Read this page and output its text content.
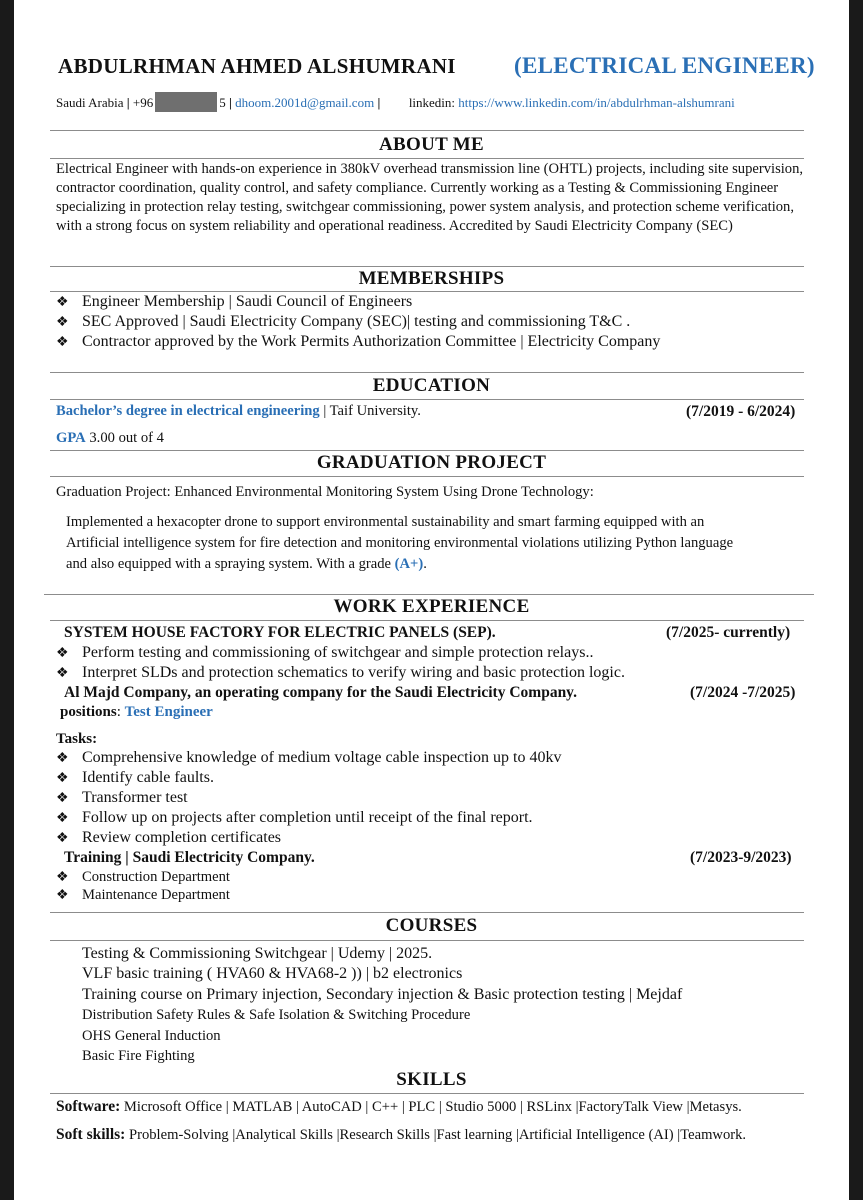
ABDULRHMAN AHMED ALSHUMRANI	(ELECTRICAL ENGINEER)
Saudi Arabia | +96	5 | dhoom.2001d@gmail.com | linkedin: https://www.linkedin.com/in/abdulrhman-alshumrani
ABOUT ME
Electrical Engineer with hands-on experience in 380kV overhead transmission line (OHTL) projects, including site supervision, contractor coordination, quality control, and safety compliance. Currently working as a Testing & Commissioning Engineer specializing in protection relay testing, switchgear commissioning, power system analysis, and protection scheme verification, with a strong focus on system reliability and operational readiness. Accredited by Saudi Electricity Company (SEC)
MEMBERSHIPS
❖ Engineer Membership | Saudi Council of Engineers
❖ SEC Approved | Saudi Electricity Company (SEC)| testing and commissioning T&C .
❖ Contractor approved by the Work Permits Authorization Committee | Electricity Company
EDUCATION
Bachelor’s degree in electrical engineering | Taif University.	(7/2019 - 6/2024)
GPA 3.00 out of 4
GRADUATION PROJECT
Graduation Project: Enhanced Environmental Monitoring System Using Drone Technology:
Implemented a hexacopter drone to support environmental sustainability and smart farming equipped with an
Artificial intelligence system for fire detection and monitoring environmental violations utilizing Python language
and also equipped with a spraying system. With a grade (A+).
WORK EXPERIENCE
SYSTEM HOUSE FACTORY FOR ELECTRIC PANELS (SEP).	(7/2025- currently)
❖ Perform testing and commissioning of switchgear and simple protection relays..
❖ Interpret SLDs and protection schematics to verify wiring and basic protection logic.
Al Majd Company, an operating company for the Saudi Electricity Company.	(7/2024 -7/2025)
positions: Test Engineer
Tasks:
❖ Comprehensive knowledge of medium voltage cable inspection up to 40kv
❖ Identify cable faults.
❖ Transformer test
❖ Follow up on projects after completion until receipt of the final report.
❖ Review completion certificates
Training | Saudi Electricity Company.	(7/2023-9/2023)
❖ Construction Department
❖ Maintenance Department
COURSES
Testing & Commissioning Switchgear | Udemy | 2025.
VLF basic training ( HVA60 & HVA68-2 )) | b2 electronics
Training course on Primary injection, Secondary injection & Basic protection testing | Mejdaf
Distribution Safety Rules & Safe Isolation & Switching Procedure
OHS General Induction
Basic Fire Fighting
SKILLS
Software: Microsoft Office | MATLAB | AutoCAD | C++ | PLC | Studio 5000 | RSLinx |FactoryTalk View |Metasys.
Soft skills: Problem-Solving |Analytical Skills |Research Skills |Fast learning |Artificial Intelligence (AI) |Teamwork.
